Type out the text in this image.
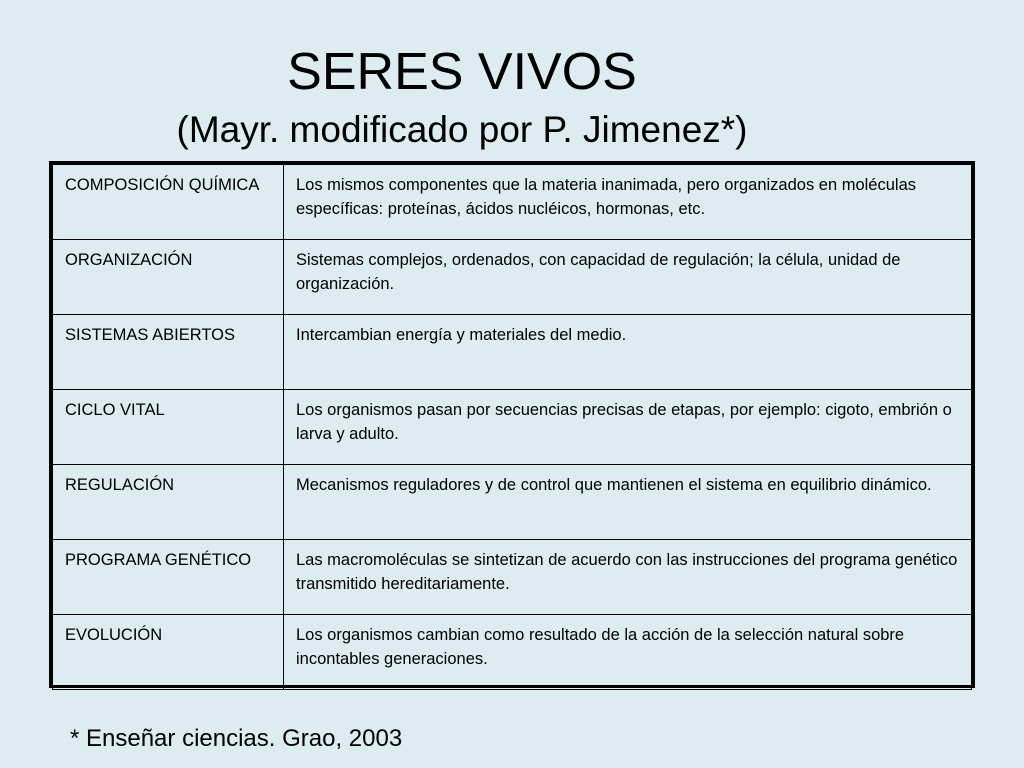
SERES VIVOS
(Mayr. modificado por P. Jimenez*)
COMPOSICIÓN QUÍMICA	Los mismos componentes que la materia inanimada, pero organizados en moléculas específicas: proteínas, ácidos nucléicos, hormonas, etc.
ORGANIZACIÓN	Sistemas complejos, ordenados, con capacidad de regulación; la célula, unidad de organización.
SISTEMAS ABIERTOS	Intercambian energía y materiales del medio.
CICLO VITAL	Los organismos pasan por secuencias precisas de etapas, por ejemplo: cigoto, embrión o larva y adulto.
REGULACIÓN	Mecanismos reguladores y de control que mantienen el sistema en equilibrio dinámico.
PROGRAMA GENÉTICO	Las macromoléculas se sintetizan de acuerdo con las instrucciones del programa genético transmitido hereditariamente.
EVOLUCIÓN	Los organismos cambian como resultado de la acción de la selección natural sobre incontables generaciones.

* Enseñar ciencias. Grao, 2003
